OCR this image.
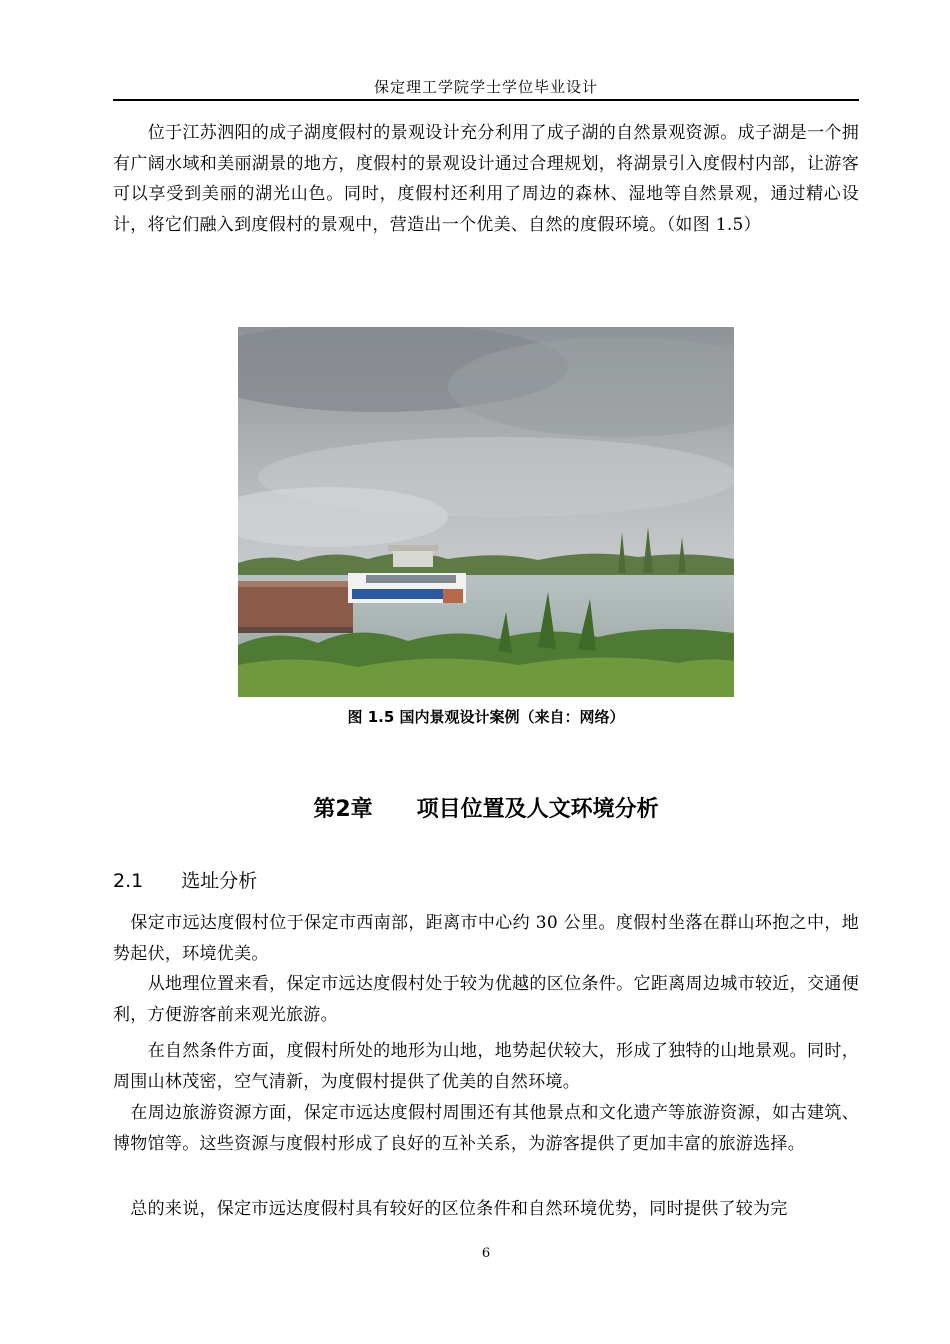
保定理工学院学士学位毕业设计

　　位于江苏泗阳的成子湖度假村的景观设计充分利用了成子湖的自然景观资源。成子湖是一个拥有广阔水域和美丽湖景的地方，度假村的景观设计通过合理规划，将湖景引入度假村内部，让游客可以享受到美丽的湖光山色。同时，度假村还利用了周边的森林、湿地等自然景观，通过精心设计，将它们融入到度假村的景观中，营造出一个优美、自然的度假环境。（如图 1.5）

图 1.5 国内景观设计案例（来自：网络）
第2章　　项目位置及人文环境分析
2.1　　选址分析

　保定市远达度假村位于保定市西南部，距离市中心约 30 公里。度假村坐落在群山环抱之中，地势起伏，环境优美。

　　从地理位置来看，保定市远达度假村处于较为优越的区位条件。它距离周边城市较近，交通便利，方便游客前来观光旅游。

　　在自然条件方面，度假村所处的地形为山地，地势起伏较大，形成了独特的山地景观。同时，周围山林茂密，空气清新，为度假村提供了优美的自然环境。

　在周边旅游资源方面，保定市远达度假村周围还有其他景点和文化遗产等旅游资源，如古建筑、博物馆等。这些资源与度假村形成了良好的互补关系，为游客提供了更加丰富的旅游选择。

　总的来说，保定市远达度假村具有较好的区位条件和自然环境优势，同时提供了较为完

6
